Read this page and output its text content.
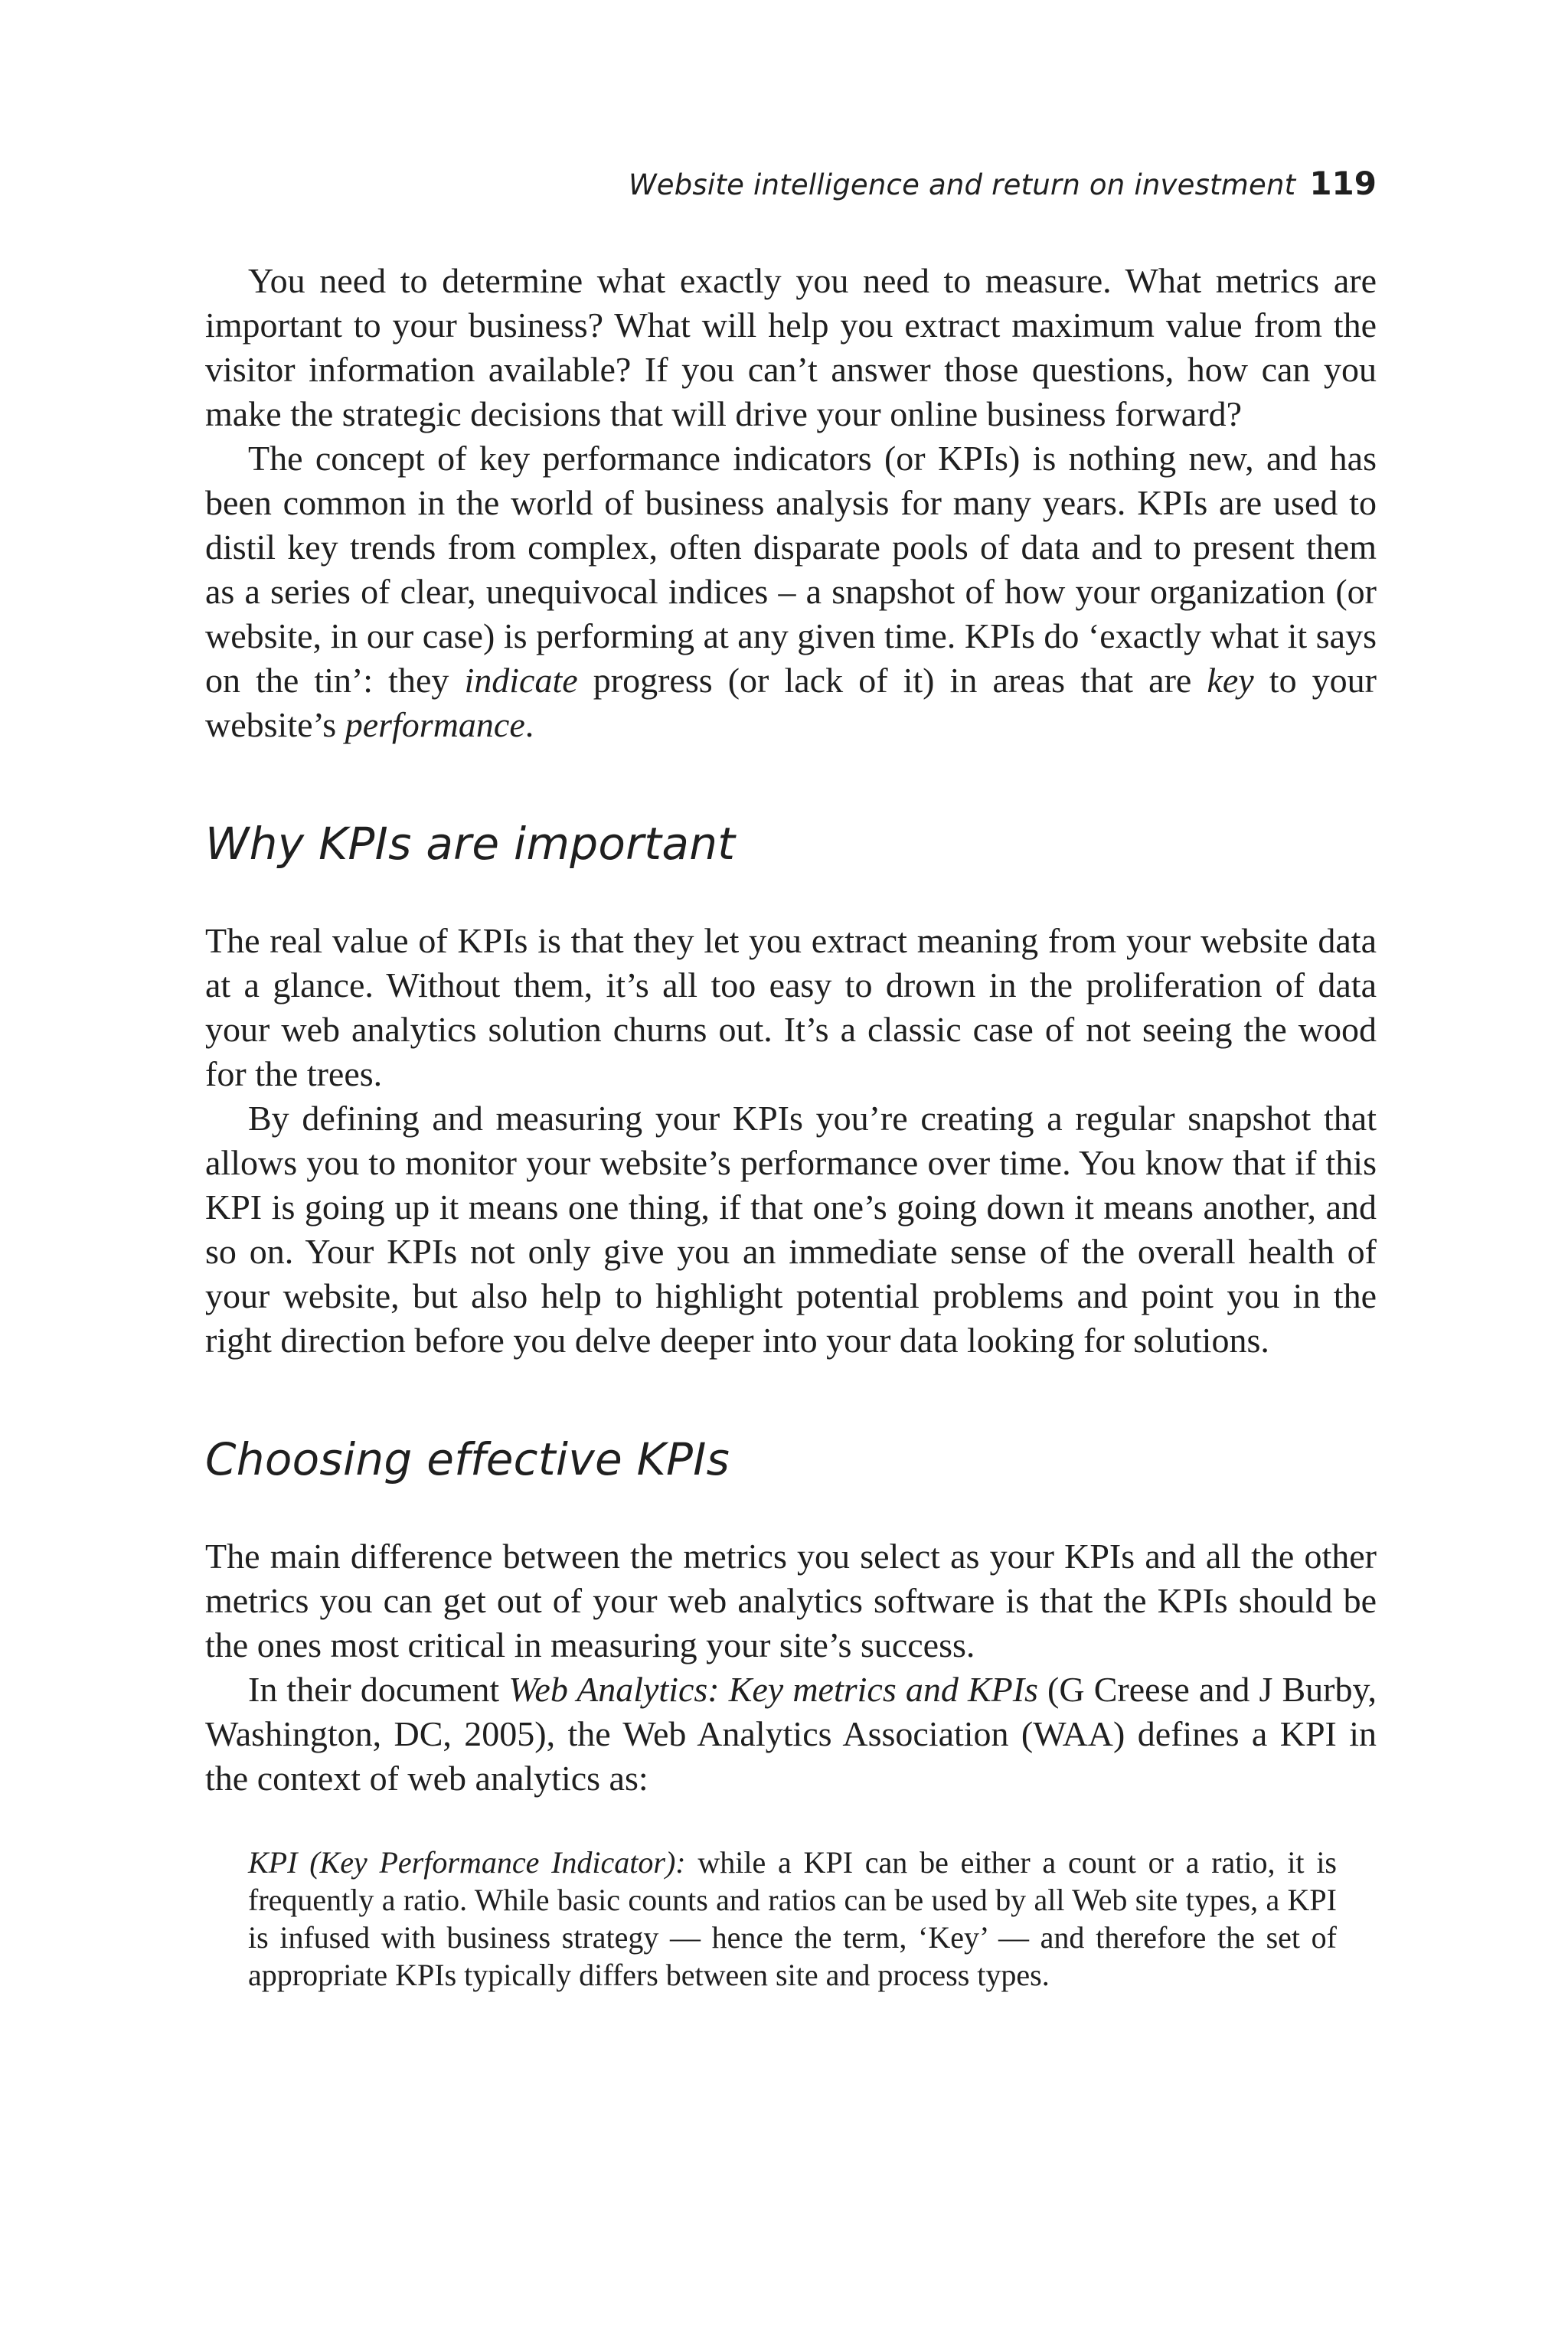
Website intelligence and return on investment 119

You need to determine what exactly you need to measure. What metrics are important to your business? What will help you extract maximum value from the visitor information available? If you can’t answer those questions, how can you make the strategic decisions that will drive your online business forward?

The concept of key performance indicators (or KPIs) is nothing new, and has been common in the world of business analysis for many years. KPIs are used to distil key trends from complex, often disparate pools of data and to present them as a series of clear, unequivocal indices – a snapshot of how your organization (or website, in our case) is performing at any given time. KPIs do ‘exactly what it says on the tin’: they indicate progress (or lack of it) in areas that are key to your website’s performance.

Why KPIs are important

The real value of KPIs is that they let you extract meaning from your website data at a glance. Without them, it’s all too easy to drown in the proliferation of data your web analytics solution churns out. It’s a classic case of not seeing the wood for the trees.

By defining and measuring your KPIs you’re creating a regular snapshot that allows you to monitor your website’s performance over time. You know that if this KPI is going up it means one thing, if that one’s going down it means another, and so on. Your KPIs not only give you an immediate sense of the overall health of your website, but also help to highlight potential problems and point you in the right direction before you delve deeper into your data looking for solutions.

Choosing effective KPIs

The main difference between the metrics you select as your KPIs and all the other metrics you can get out of your web analytics software is that the KPIs should be the ones most critical in measuring your site’s success.

In their document Web Analytics: Key metrics and KPIs (G Creese and J Burby, Washington, DC, 2005), the Web Analytics Association (WAA) defines a KPI in the context of web analytics as:

KPI (Key Performance Indicator): while a KPI can be either a count or a ratio, it is frequently a ratio. While basic counts and ratios can be used by all Web site types, a KPI is infused with business strategy — hence the term, ‘Key’ — and therefore the set of appropriate KPIs typically differs between site and process types.
